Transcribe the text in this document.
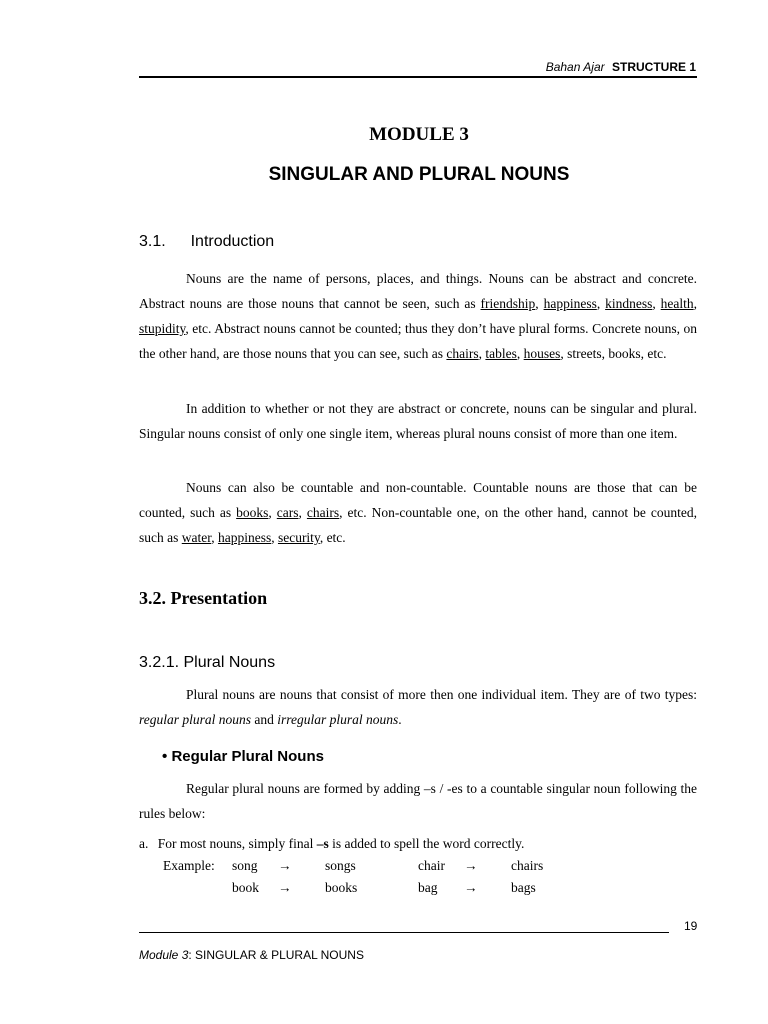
Bahan Ajar STRUCTURE 1
MODULE 3
SINGULAR AND PLURAL NOUNS
3.1. Introduction

Nouns are the name of persons, places, and things. Nouns can be abstract and concrete. Abstract nouns are those nouns that cannot be seen, such as friendship, happiness, kindness, health, stupidity, etc. Abstract nouns cannot be counted; thus they don’t have plural forms. Concrete nouns, on the other hand, are those nouns that you can see, such as chairs, tables, houses, streets, books, etc.

In addition to whether or not they are abstract or concrete, nouns can be singular and plural. Singular nouns consist of only one single item, whereas plural nouns consist of more than one item.

Nouns can also be countable and non-countable. Countable nouns are those that can be counted, such as books, cars, chairs, etc. Non-countable one, on the other hand, cannot be counted, such as water, happiness, security, etc.

3.2. Presentation
3.2.1. Plural Nouns

Plural nouns are nouns that consist of more then one individual item. They are of two types: regular plural nouns and irregular plural nouns.

• Regular Plural Nouns

Regular plural nouns are formed by adding –s / -es to a countable singular noun following the rules below:

a. For most nouns, simply final –s is added to spell the word correctly.
Example: song → songs	chair → chairs
book → books	bag → bags
19
Module 3: SINGULAR & PLURAL NOUNS
